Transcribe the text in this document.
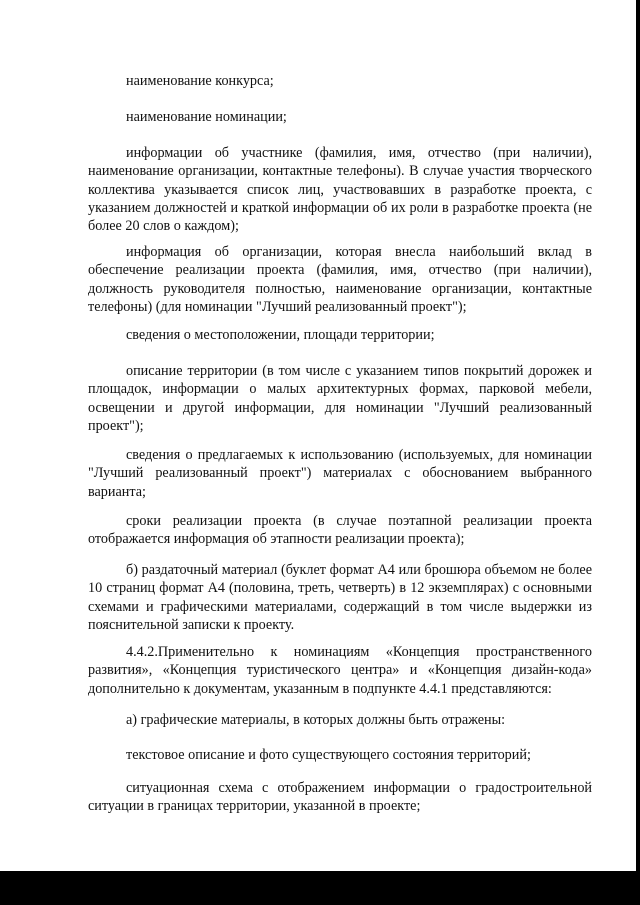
наименование конкурса;

наименование номинации;

информации об участнике (фамилия, имя, отчество (при наличии), наименование организации, контактные телефоны). В случае участия творческого коллектива указывается список лиц, участвовавших в разработке проекта, с указанием должностей и краткой информации об их роли в разработке проекта (не более 20 слов о каждом);

информация об организации, которая внесла наибольший вклад в обеспечение реализации проекта (фамилия, имя, отчество (при наличии), должность руководителя полностью, наименование организации, контактные телефоны) (для номинации "Лучший реализованный проект");

сведения о местоположении, площади территории;

описание территории (в том числе с указанием типов покрытий дорожек и площадок, информации о малых архитектурных формах, парковой мебели, освещении и другой информации, для номинации "Лучший реализованный проект");

сведения о предлагаемых к использованию (используемых, для номинации "Лучший реализованный проект") материалах с обоснованием выбранного варианта;

сроки реализации проекта (в случае поэтапной реализации проекта отображается информация об этапности реализации проекта);

б) раздаточный материал (буклет формат А4 или брошюра объемом не более 10 страниц формат А4 (половина, треть, четверть) в 12 экземплярах) с основными схемами и графическими материалами, содержащий в том числе выдержки из пояснительной записки к проекту.

4.4.2.Применительно к номинациям «Концепция пространственного развития», «Концепция туристического центра» и «Концепция дизайн-кода» дополнительно к документам, указанным в подпункте 4.4.1 представляются:

а) графические материалы, в которых должны быть отражены:

текстовое описание и фото существующего состояния территорий;

ситуационная схема с отображением информации о градостроительной ситуации в границах территории, указанной в проекте;
